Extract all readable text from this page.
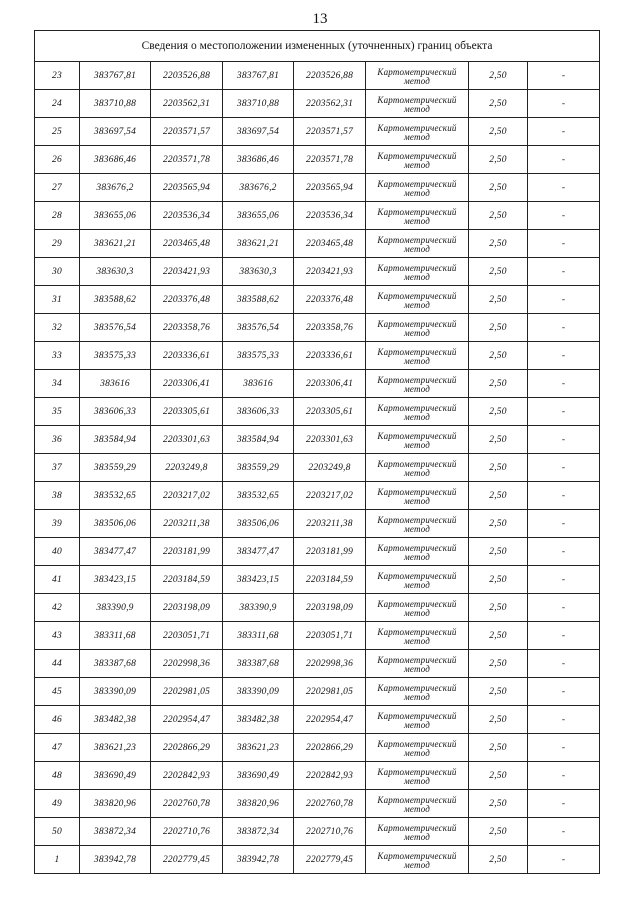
13
Сведения о местоположении измененных (уточненных) границ объекта							
23	383767,81	2203526,88	383767,81	2203526,88	Картометрический
метод	2,50	-
24	383710,88	2203562,31	383710,88	2203562,31	Картометрический
метод	2,50	-
25	383697,54	2203571,57	383697,54	2203571,57	Картометрический
метод	2,50	-
26	383686,46	2203571,78	383686,46	2203571,78	Картометрический
метод	2,50	-
27	383676,2	2203565,94	383676,2	2203565,94	Картометрический
метод	2,50	-
28	383655,06	2203536,34	383655,06	2203536,34	Картометрический
метод	2,50	-
29	383621,21	2203465,48	383621,21	2203465,48	Картометрический
метод	2,50	-
30	383630,3	2203421,93	383630,3	2203421,93	Картометрический
метод	2,50	-
31	383588,62	2203376,48	383588,62	2203376,48	Картометрический
метод	2,50	-
32	383576,54	2203358,76	383576,54	2203358,76	Картометрический
метод	2,50	-
33	383575,33	2203336,61	383575,33	2203336,61	Картометрический
метод	2,50	-
34	383616	2203306,41	383616	2203306,41	Картометрический
метод	2,50	-
35	383606,33	2203305,61	383606,33	2203305,61	Картометрический
метод	2,50	-
36	383584,94	2203301,63	383584,94	2203301,63	Картометрический
метод	2,50	-
37	383559,29	2203249,8	383559,29	2203249,8	Картометрический
метод	2,50	-
38	383532,65	2203217,02	383532,65	2203217,02	Картометрический
метод	2,50	-
39	383506,06	2203211,38	383506,06	2203211,38	Картометрический
метод	2,50	-
40	383477,47	2203181,99	383477,47	2203181,99	Картометрический
метод	2,50	-
41	383423,15	2203184,59	383423,15	2203184,59	Картометрический
метод	2,50	-
42	383390,9	2203198,09	383390,9	2203198,09	Картометрический
метод	2,50	-
43	383311,68	2203051,71	383311,68	2203051,71	Картометрический
метод	2,50	-
44	383387,68	2202998,36	383387,68	2202998,36	Картометрический
метод	2,50	-
45	383390,09	2202981,05	383390,09	2202981,05	Картометрический
метод	2,50	-
46	383482,38	2202954,47	383482,38	2202954,47	Картометрический
метод	2,50	-
47	383621,23	2202866,29	383621,23	2202866,29	Картометрический
метод	2,50	-
48	383690,49	2202842,93	383690,49	2202842,93	Картометрический
метод	2,50	-
49	383820,96	2202760,78	383820,96	2202760,78	Картометрический
метод	2,50	-
50	383872,34	2202710,76	383872,34	2202710,76	Картометрический
метод	2,50	-
1	383942,78	2202779,45	383942,78	2202779,45	Картометрический
метод	2,50	-
